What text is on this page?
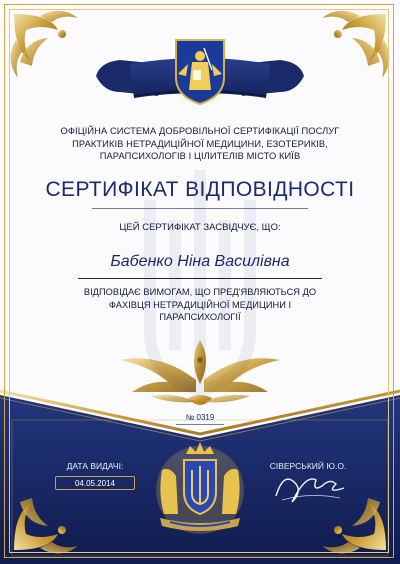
ОФІЦІЙНА СИСТЕМА ДОБРОВІЛЬНОЇ СЕРТИФІКАЦІЇ ПОСЛУГ
ПРАКТИКІВ НЕТРАДИЦІЙНОЇ МЕДИЦИНИ, ЕЗОТЕРИКІВ,
ПАРАПСИХОЛОГІВ І ЦІЛИТЕЛІВ МІСТО КИЇВ
СЕРТИФІКАТ ВІДПОВІДНОСТІ
ЦЕЙ СЕРТИФІКАТ ЗАСВІДЧУЄ, ЩО:
Бабенко Ніна Василівна
ВІДПОВІДАЄ ВИМОГАМ, ЩО ПРЕД'ЯВЛЯЮТЬСЯ ДО
ФАХІВЦЯ НЕТРАДИЦІЙНОЇ МЕДИЦИНИ І
ПАРАПСИХОЛОГІЇ
№ 0319
ДАТА ВИДАЧІ:
04.05.2014
СІВЕРСЬКИЙ Ю.О.
